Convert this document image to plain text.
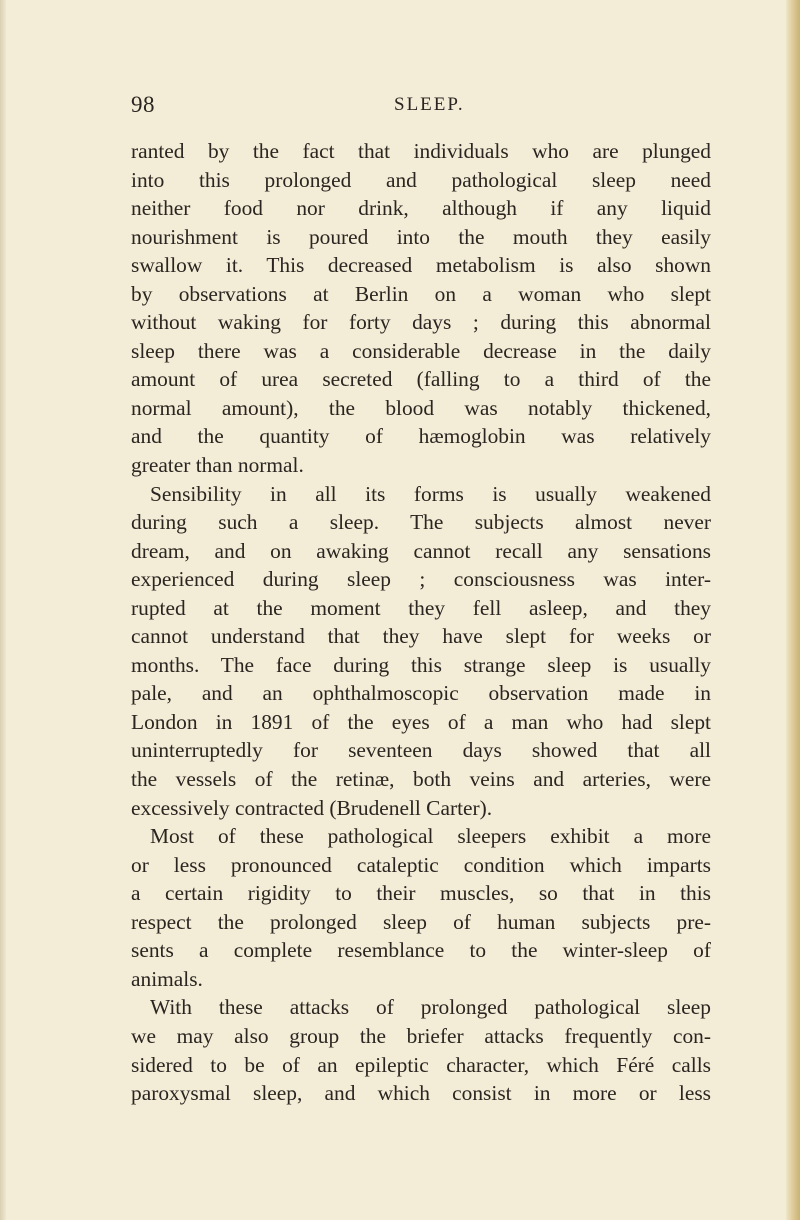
98	SLEEP.
ranted by the fact that individuals who are plunged
into this prolonged and pathological sleep need
neither food nor drink, although if any liquid
nourishment is poured into the mouth they easily
swallow it. This decreased metabolism is also shown
by observations at Berlin on a woman who slept
without waking for forty days ; during this abnormal
sleep there was a considerable decrease in the daily
amount of urea secreted (falling to a third of the
normal amount), the blood was notably thickened,
and the quantity of hæmoglobin was relatively
greater than normal.
Sensibility in all its forms is usually weakened
during such a sleep. The subjects almost never
dream, and on awaking cannot recall any sensations
experienced during sleep ; consciousness was inter-
rupted at the moment they fell asleep, and they
cannot understand that they have slept for weeks or
months. The face during this strange sleep is usually
pale, and an ophthalmoscopic observation made in
London in 1891 of the eyes of a man who had slept
uninterruptedly for seventeen days showed that all
the vessels of the retinæ, both veins and arteries, were
excessively contracted (Brudenell Carter).
Most of these pathological sleepers exhibit a more
or less pronounced cataleptic condition which imparts
a certain rigidity to their muscles, so that in this
respect the prolonged sleep of human subjects pre-
sents a complete resemblance to the winter-sleep of
animals.
With these attacks of prolonged pathological sleep
we may also group the briefer attacks frequently con-
sidered to be of an epileptic character, which Féré calls
paroxysmal sleep, and which consist in more or less
